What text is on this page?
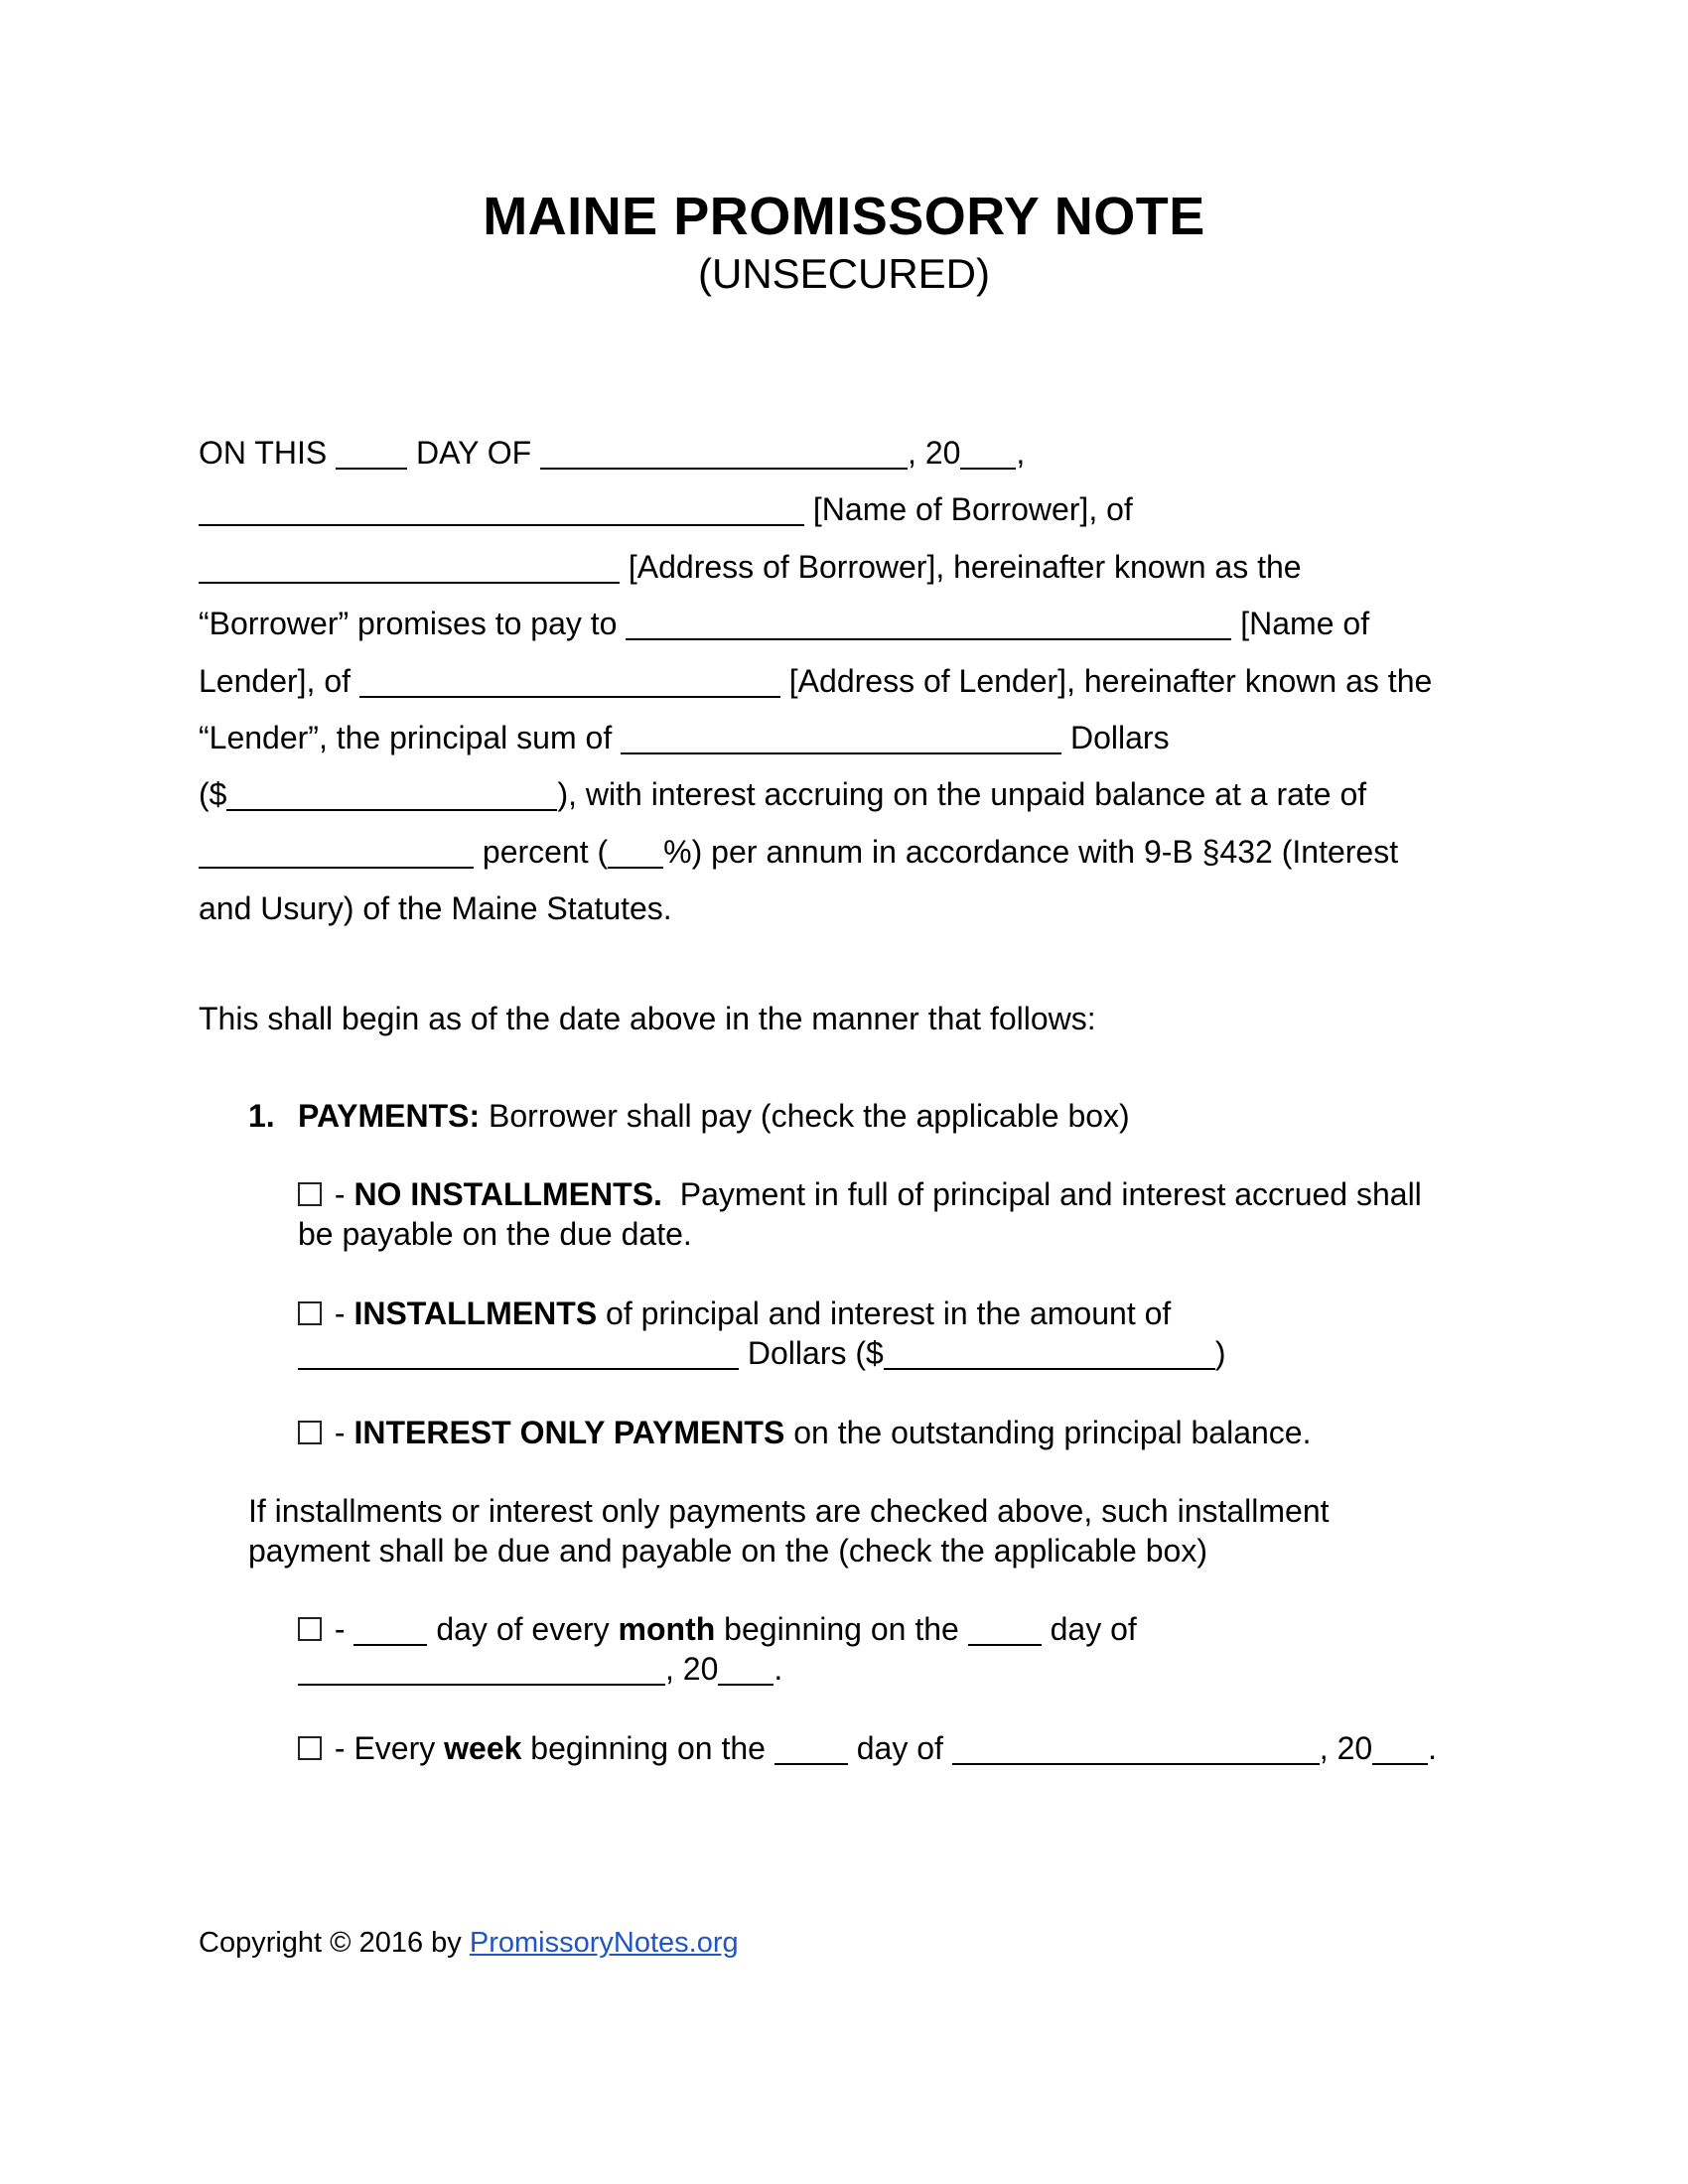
MAINE PROMISSORY NOTE
(UNSECURED)
ON THIS  DAY OF	, 20 ,
[Name of Borrower], of
[Address of Borrower], hereinafter known as the
“Borrower” promises to pay to	[Name of
Lender], of	[Address of Lender], hereinafter known as the
“Lender”, the principal sum of	Dollars
($	), with interest accruing on the unpaid balance at a rate of
percent ( %) per annum in accordance with 9-B §432 (Interest
and Usury) of the Maine Statutes.
This shall begin as of the date above in the manner that follows:
1. PAYMENTS: Borrower shall pay (check the applicable box)
- NO INSTALLMENTS.  Payment in full of principal and interest accrued shall
be payable on the due date.
- INSTALLMENTS of principal and interest in the amount of
Dollars ($	)
- INTEREST ONLY PAYMENTS on the outstanding principal balance.
If installments or interest only payments are checked above, such installment
payment shall be due and payable on the (check the applicable box)
-  day of every month beginning on the  day of
, 20 .
- Every week beginning on the  day of	, 20 .
Copyright © 2016 by PromissoryNotes.org
